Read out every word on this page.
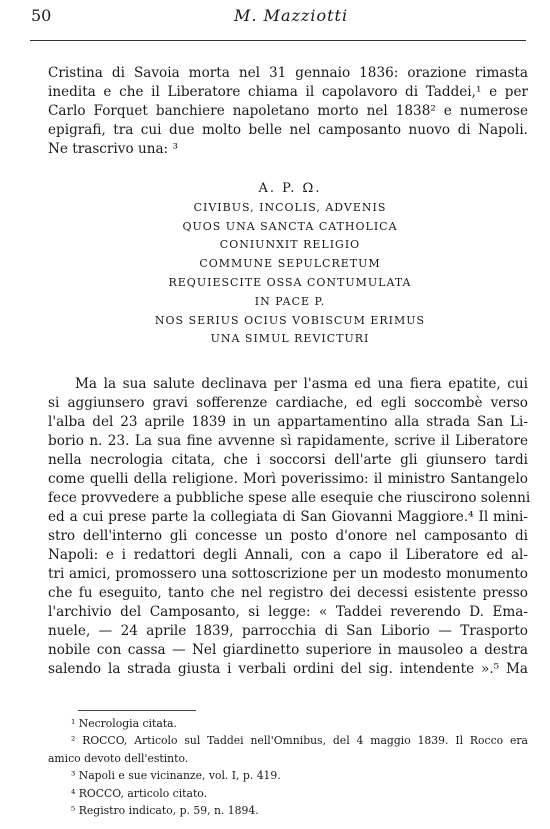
50	M. Mazziotti
Cristina di Savoia morta nel 31 gennaio 1836: orazione rimasta
inedita e che il Liberatore chiama il capolavoro di Taddei,¹ e per
Carlo Forquet banchiere napoletano morto nel 1838² e numerose
epigrafi, tra cui due molto belle nel camposanto nuovo di Napoli.
Ne trascrivo una: ³
A. P. Ω.
CIVIBUS, INCOLIS, ADVENIS
QUOS UNA SANCTA CATHOLICA
CONIUNXIT RELIGIO
COMMUNE SEPULCRETUM
REQUIESCITE OSSA CONTUMULATA
IN PACE P.
NOS SERIUS OCIUS VOBISCUM ERIMUS
UNA SIMUL REVICTURI
Ma la sua salute declinava per l'asma ed una fiera epatite, cui
si aggiunsero gravi sofferenze cardiache, ed egli soccombè verso
l'alba del 23 aprile 1839 in un appartamentino alla strada San Li-
borio n. 23. La sua fine avvenne sì rapidamente, scrive il Liberatore
nella necrologia citata, che i soccorsi dell'arte gli giunsero tardi
come quelli della religione. Morì poverissimo: il ministro Santangelo
fece provvedere a pubbliche spese alle esequie che riuscirono solenni
ed a cui prese parte la collegiata di San Giovanni Maggiore.⁴ Il mini-
stro dell'interno gli concesse un posto d'onore nel camposanto di
Napoli: e i redattori degli Annali, con a capo il Liberatore ed al-
tri amici, promossero una sottoscrizione per un modesto monumento
che fu eseguito, tanto che nel registro dei decessi esistente presso
l'archivio del Camposanto, si legge: « Taddei reverendo D. Ema-
nuele, — 24 aprile 1839, parrocchia di San Liborio — Trasporto
nobile con cassa — Nel giardinetto superiore in mausoleo a destra
salendo la strada giusta i verbali ordini del sig. intendente ».⁵ Ma
¹ Necrologia citata.
² ROCCO, Articolo sul Taddei nell'Omnibus, del 4 maggio 1839. Il Rocco era
amico devoto dell'estinto.
³ Napoli e sue vicinanze, vol. I, p. 419.
⁴ ROCCO, articolo citato.
⁵ Registro indicato, p. 59, n. 1894.
